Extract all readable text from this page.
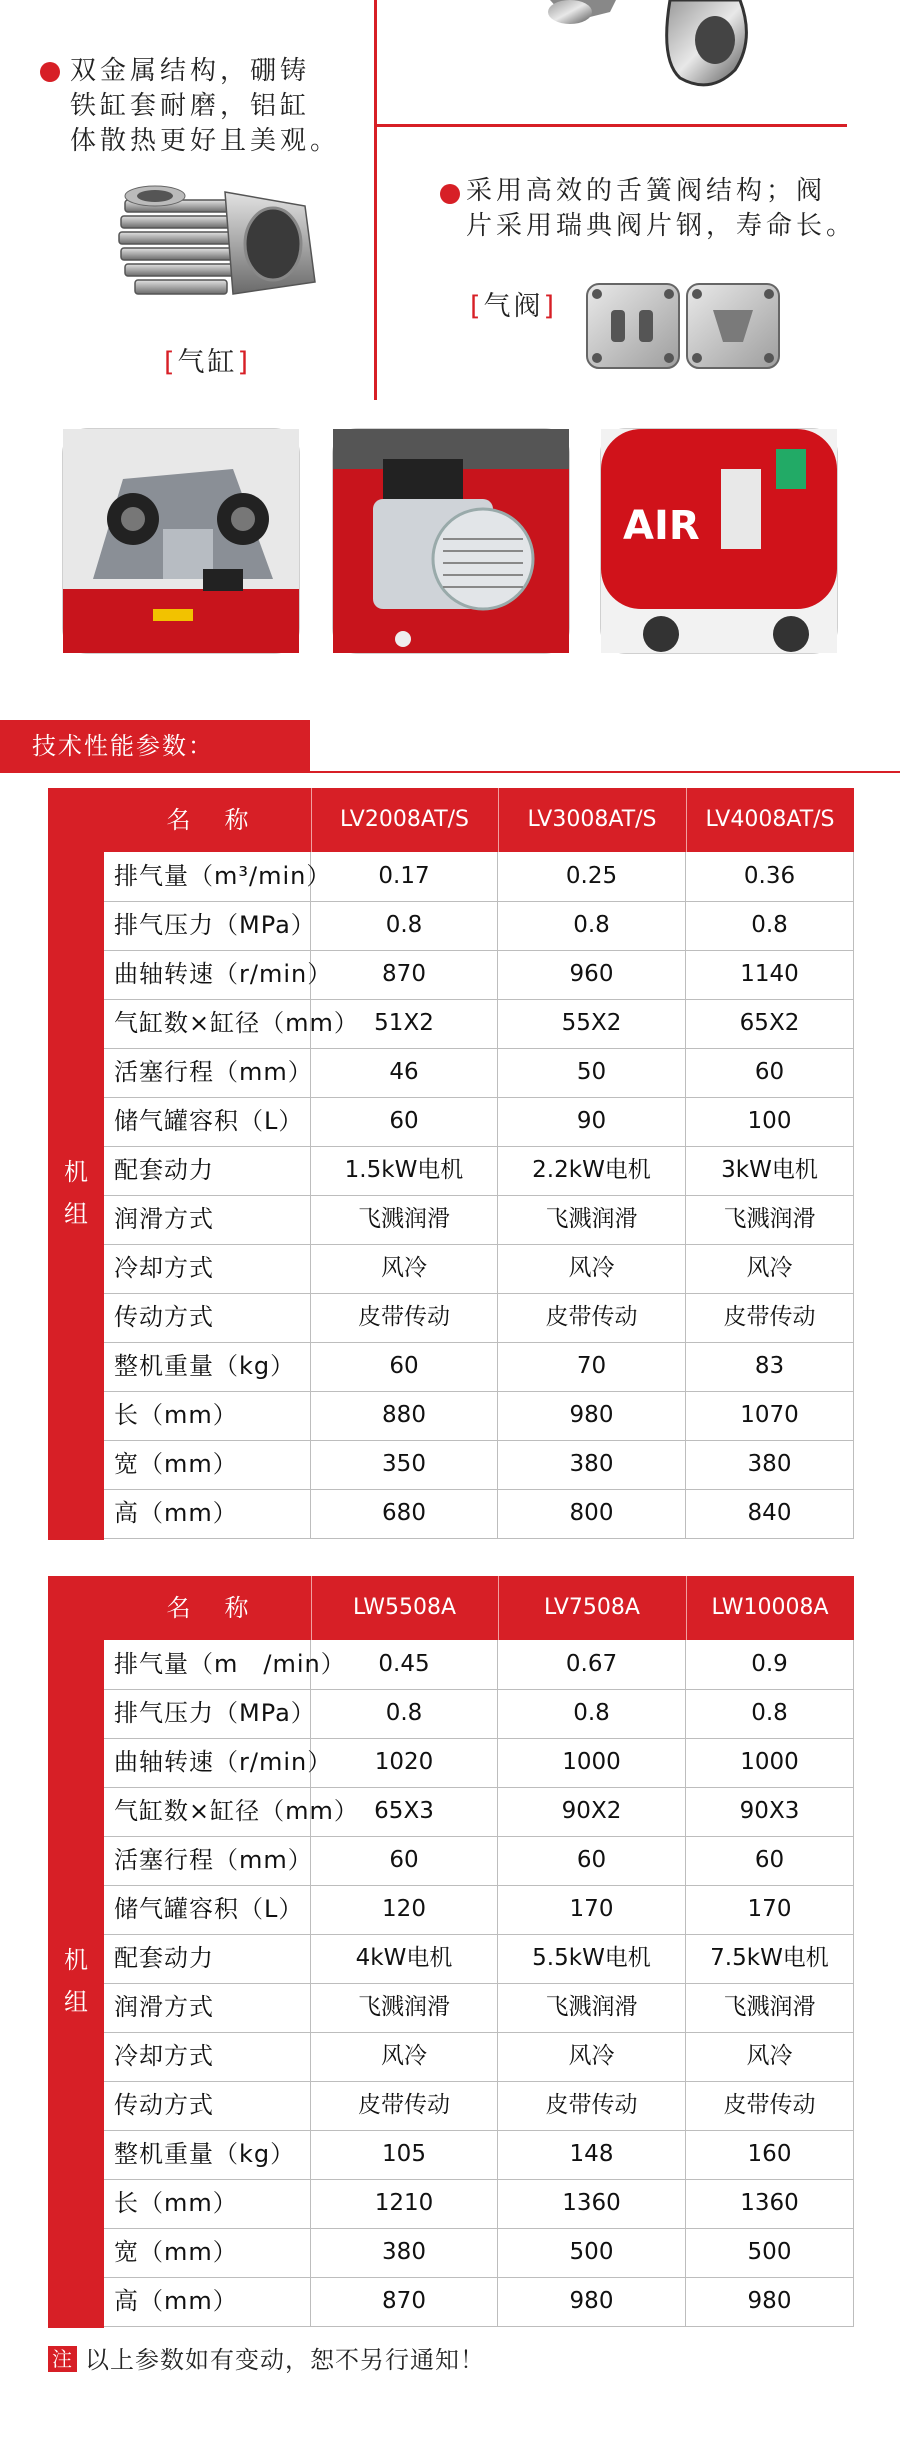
双金属结构，硼铸
铁缸套耐磨，铝缸
体散热更好且美观。
[气缸]
采用高效的舌簧阀结构；阀
片采用瑞典阀片钢，寿命长。
[气阀]
AIR
技术性能参数：
名称	LV2008AT/S	LV3008AT/S	LV4008AT/S
机
组
排气量（m³/min）	0.17	0.25	0.36
排气压力（MPa）	0.8	0.8	0.8
曲轴转速（r/min）	870	960	1140
气缸数×缸径（mm） 51X2	55X2	65X2
活塞行程（mm）	46	50	60
储气罐容积（L）	60	90	100
配套动力	1.5kW电机	2.2kW电机	3kW电机
润滑方式	飞溅润滑	飞溅润滑	飞溅润滑
冷却方式	风冷	风冷	风冷
传动方式	皮带传动	皮带传动	皮带传动
整机重量（kg）	60	70	83
长（mm）	880	980	1070
宽（mm）	350	380	380
高（mm）	680	800	840
名称	LW5508A	LV7508A	LW10008A
机
组
排气量（m　/min）	0.45	0.67	0.9
排气压力（MPa）	0.8	0.8	0.8
曲轴转速（r/min）	1020	1000	1000
气缸数×缸径（mm） 65X3	90X2	90X3
活塞行程（mm）	60	60	60
储气罐容积（L）	120	170	170
配套动力	4kW电机	5.5kW电机	7.5kW电机
润滑方式	飞溅润滑	飞溅润滑	飞溅润滑
冷却方式	风冷	风冷	风冷
传动方式	皮带传动	皮带传动	皮带传动
整机重量（kg）	105	148	160
长（mm）	1210	1360	1360
宽（mm）	380	500	500
高（mm）	870	980	980
注 以上参数如有变动，恕不另行通知！
